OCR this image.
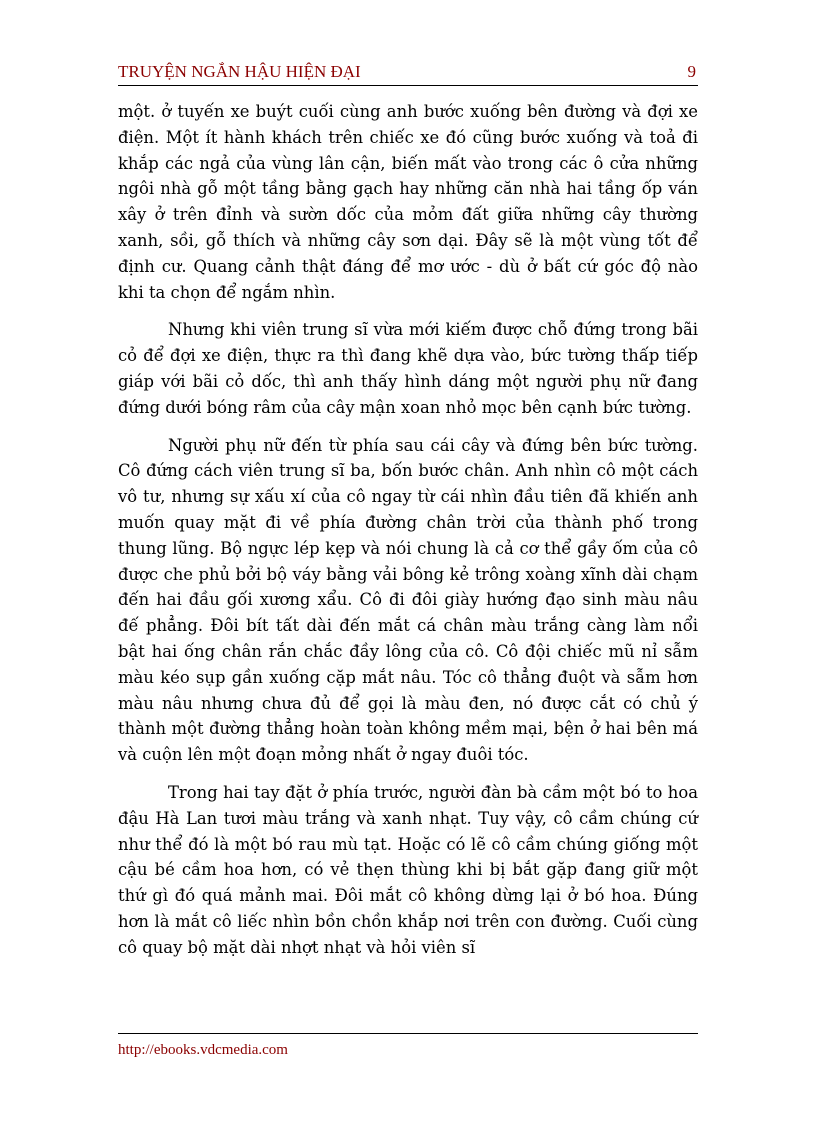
TRUYỆN NGẮN HẬU HIỆN ĐẠI	9

một. ở tuyến xe buýt cuối cùng anh bước xuống bên đường và đợi xe điện. Một ít hành khách trên chiếc xe đó cũng bước xuống và toả đi khắp các ngả của vùng lân cận, biến mất vào trong các ô cửa những ngôi nhà gỗ một tầng bằng gạch hay những căn nhà hai tầng ốp ván xây ở trên đỉnh và sườn dốc của mỏm đất giữa những cây thường xanh, sồi, gỗ thích và những cây sơn dại. Đây sẽ là một vùng tốt để định cư. Quang cảnh thật đáng để mơ ước - dù ở bất cứ góc độ nào khi ta chọn để ngắm nhìn.

Nhưng khi viên trung sĩ vừa mới kiếm được chỗ đứng trong bãi cỏ để đợi xe điện, thực ra thì đang khẽ dựa vào, bức tường thấp tiếp giáp với bãi cỏ dốc, thì anh thấy hình dáng một người phụ nữ đang đứng dưới bóng râm của cây mận xoan nhỏ mọc bên cạnh bức tường.

Người phụ nữ đến từ phía sau cái cây và đứng bên bức tường. Cô đứng cách viên trung sĩ ba, bốn bước chân. Anh nhìn cô một cách vô tư, nhưng sự xấu xí của cô ngay từ cái nhìn đầu tiên đã khiến anh muốn quay mặt đi về phía đường chân trời của thành phố trong thung lũng. Bộ ngực lép kẹp và nói chung là cả cơ thể gầy ốm của cô được che phủ bởi bộ váy bằng vải bông kẻ trông xoàng xĩnh dài chạm đến hai đầu gối xương xẩu. Cô đi đôi giày hướng đạo sinh màu nâu đế phẳng. Đôi bít tất dài đến mắt cá chân màu trắng càng làm nổi bật hai ống chân rắn chắc đầy lông của cô. Cô đội chiếc mũ nỉ sẫm màu kéo sụp gần xuống cặp mắt nâu. Tóc cô thẳng đuột và sẫm hơn màu nâu nhưng chưa đủ để gọi là màu đen, nó được cắt có chủ ý thành một đường thẳng hoàn toàn không mềm mại, bện ở hai bên má và cuộn lên một đoạn mỏng nhất ở ngay đuôi tóc.

Trong hai tay đặt ở phía trước, người đàn bà cầm một bó to hoa đậu Hà Lan tươi màu trắng và xanh nhạt. Tuy vậy, cô cầm chúng cứ như thể đó là một bó rau mù tạt. Hoặc có lẽ cô cầm chúng giống một cậu bé cầm hoa hơn, có vẻ thẹn thùng khi bị bắt gặp đang giữ một thứ gì đó quá mảnh mai. Đôi mắt cô không dừng lại ở bó hoa. Đúng hơn là mắt cô liếc nhìn bồn chồn khắp nơi trên con đường. Cuối cùng cô quay bộ mặt dài nhợt nhạt và hỏi viên sĩ

http://ebooks.vdcmedia.com
